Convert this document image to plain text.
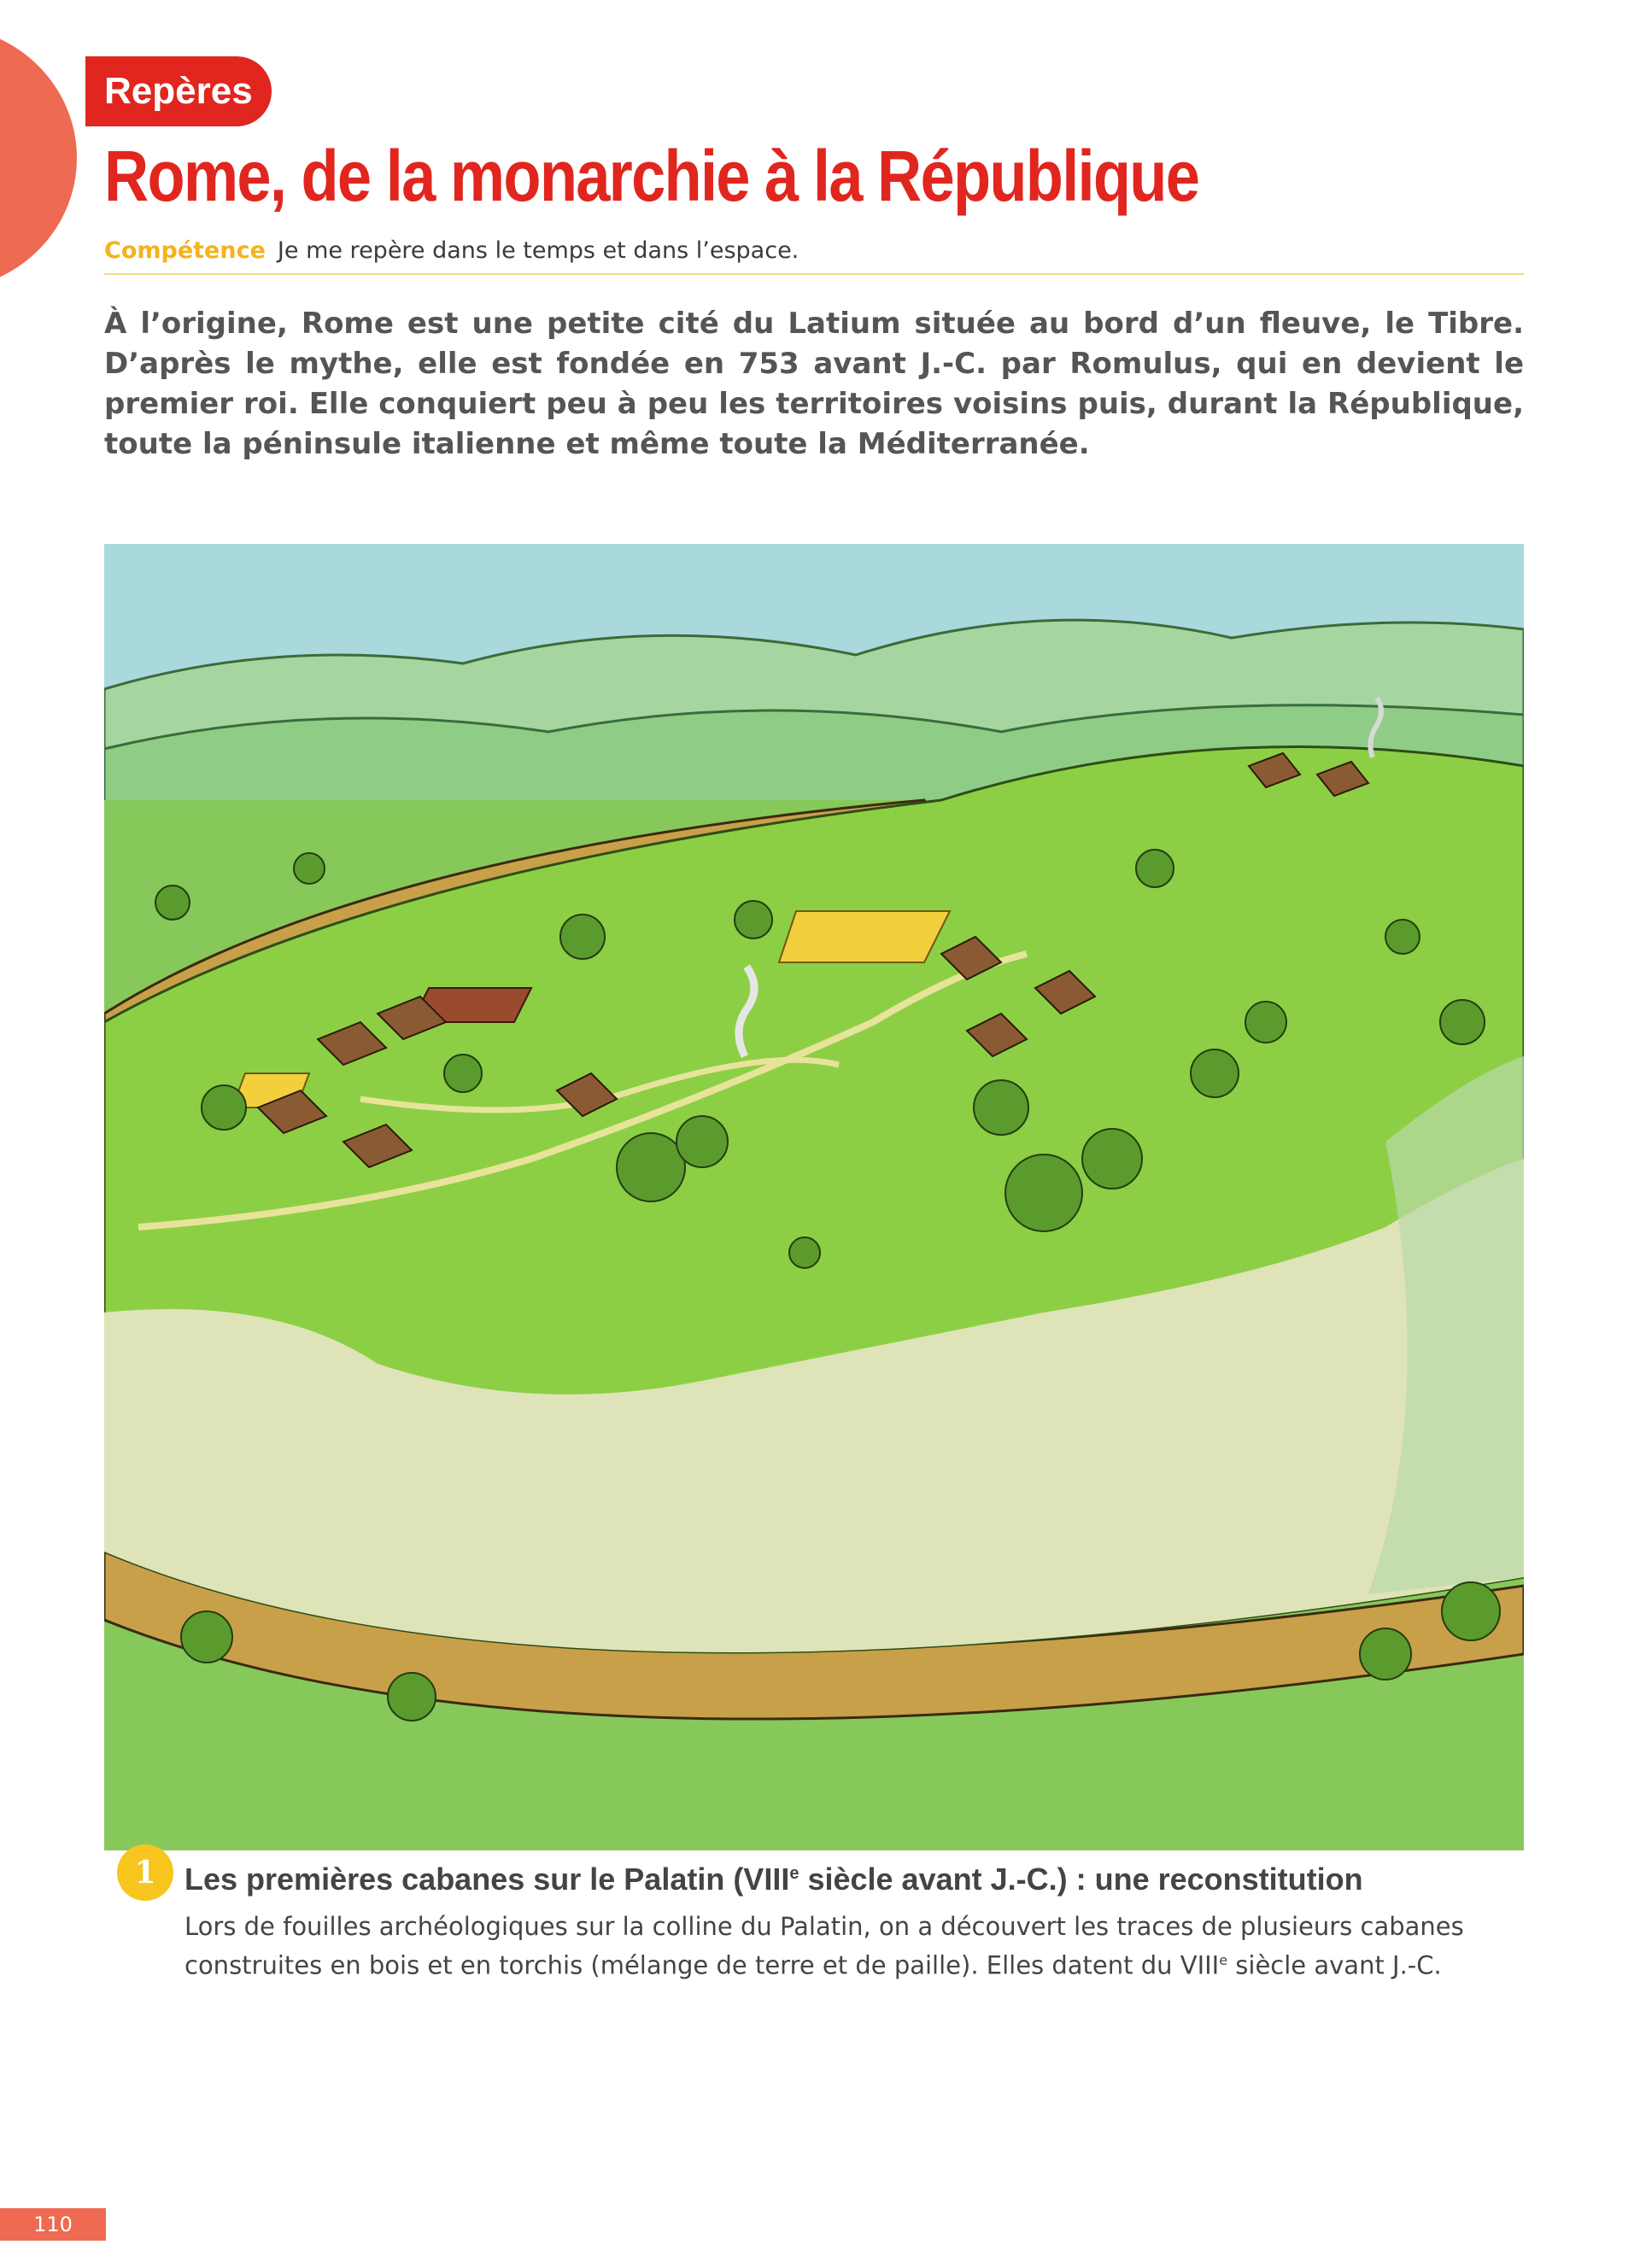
Repères
Rome, de la monarchie à la République
Compétence Je me repère dans le temps et dans l’espace.

À l’origine, Rome est une petite cité du Latium située au bord d’un fleuve, le Tibre. D’après le mythe, elle est fondée en 753 avant J.-C. par Romulus, qui en devient le premier roi. Elle conquiert peu à peu les territoires voisins puis, durant la République, toute la péninsule italienne et même toute la Méditerranée.

1 Les premières cabanes sur le Palatin (VIIIe siècle avant J.-C.) : une reconstitution

Lors de fouilles archéologiques sur la colline du Palatin, on a découvert les traces de plusieurs cabanes construites en bois et en torchis (mélange de terre et de paille). Elles datent du VIIIe siècle avant J.-C.

110
